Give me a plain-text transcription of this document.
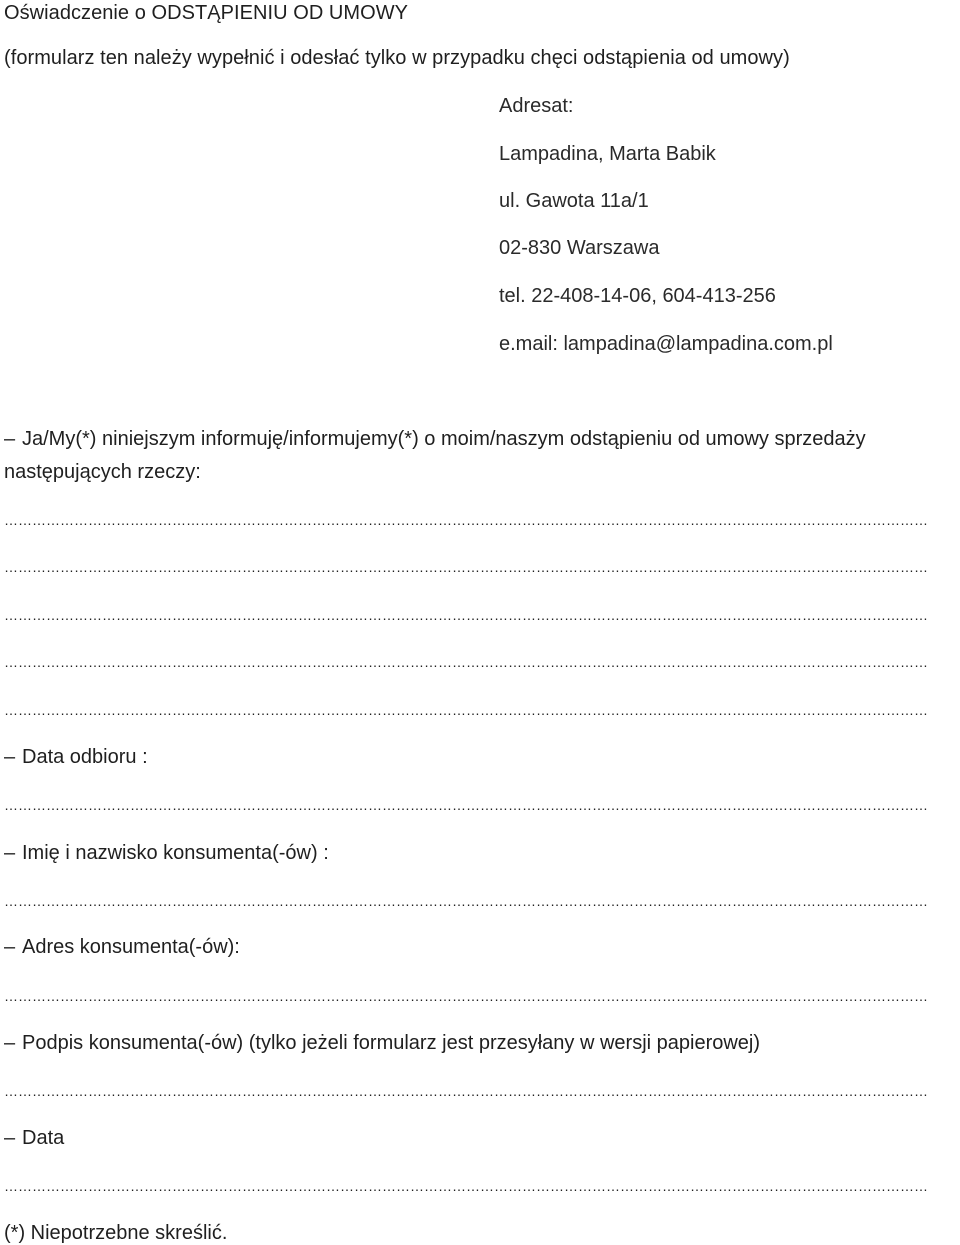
Oświadczenie o ODSTĄPIENIU OD UMOWY
(formularz ten należy wypełnić i odesłać tylko w przypadku chęci odstąpienia od umowy)
Adresat:
Lampadina, Marta Babik
ul. Gawota 11a/1
02-830 Warszawa
tel. 22-408-14-06, 604-413-256
e.mail: lampadina@lampadina.com.pl
– Ja/My(*) niniejszym informuję/informujemy(*) o moim/naszym odstąpieniu od umowy sprzedaży
następujących rzeczy:
………………………………………………………………………………………………………………………………………………………………………………
………………………………………………………………………………………………………………………………………………………………………………
………………………………………………………………………………………………………………………………………………………………………………
………………………………………………………………………………………………………………………………………………………………………………
………………………………………………………………………………………………………………………………………………………………………………
– Data odbioru :
………………………………………………………………………………………………………………………………………………………………………………
– Imię i nazwisko konsumenta(-ów) :
………………………………………………………………………………………………………………………………………………………………………………
– Adres konsumenta(-ów):
………………………………………………………………………………………………………………………………………………………………………………
– Podpis konsumenta(-ów) (tylko jeżeli formularz jest przesyłany w wersji papierowej)
………………………………………………………………………………………………………………………………………………………………………………
– Data
………………………………………………………………………………………………………………………………………………………………………………
(*) Niepotrzebne skreślić.
